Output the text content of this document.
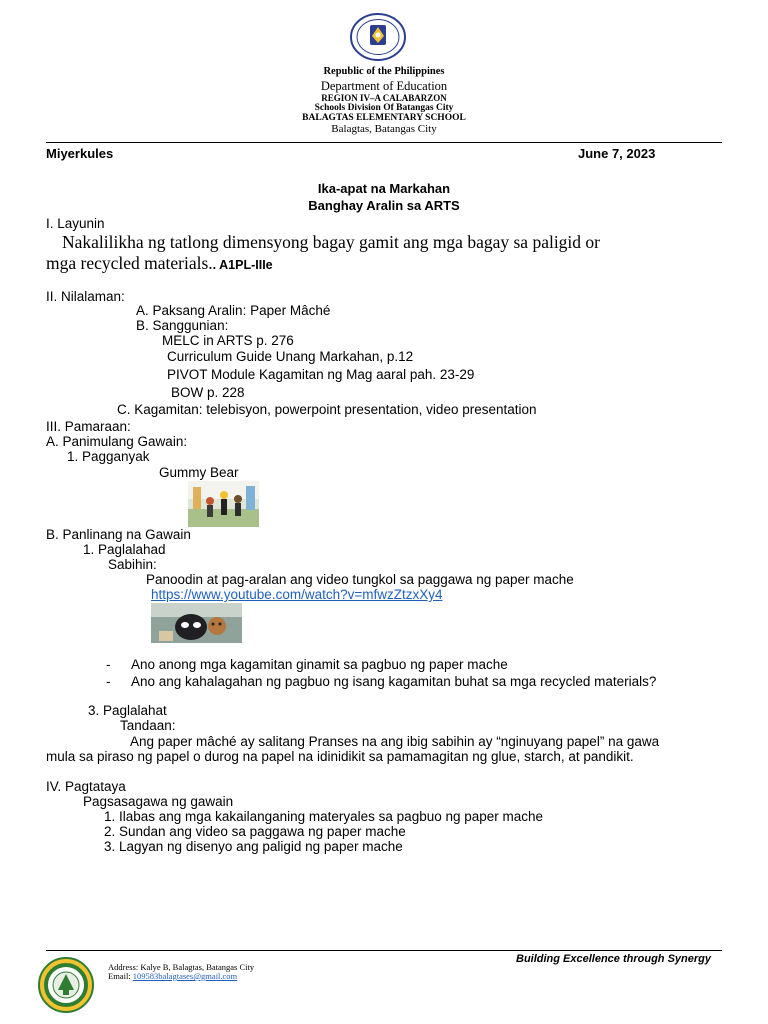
Republic of the Philippines
Department of Education
REGION IV–A CALABARZON
Schools Division Of Batangas City
BALAGTAS ELEMENTARY SCHOOL
Balagtas, Batangas City
Miyerkules	June 7, 2023
Ika-apat na Markahan
Banghay Aralin sa ARTS
I. Layunin
Nakalilikha ng tatlong dimensyong bagay gamit ang mga bagay sa paligid or
mga recycled materials.. A1PL-IIIe
II. Nilalaman:
A. Paksang Aralin: Paper Mâché
B. Sanggunian:
MELC in ARTS p. 276
Curriculum Guide Unang Markahan, p.12
PIVOT Module Kagamitan ng Mag aaral pah. 23-29
BOW p. 228
C. Kagamitan: telebisyon, powerpoint presentation, video presentation
III. Pamaraan:
A. Panimulang Gawain:
1. Pagganyak
Gummy Bear
B. Panlinang na Gawain
1. Paglalahad
Sabihin:
Panoodin at pag-aralan ang video tungkol sa paggawa ng paper mache
https://www.youtube.com/watch?v=mfwzZtzxXy4
- Ano anong mga kagamitan ginamit sa pagbuo ng paper mache
- Ano ang kahalagahan ng pagbuo ng isang kagamitan buhat sa mga recycled materials?
3. Paglalahat
Tandaan:
Ang paper mâché ay salitang Pranses na ang ibig sabihin ay “nginuyang papel” na gawa
mula sa piraso ng papel o durog na papel na idinidikit sa pamamagitan ng glue, starch, at pandikit.
IV. Pagtataya
Pagsasagawa ng gawain
1. Ilabas ang mga kakailanganing materyales sa pagbuo ng paper mache
2. Sundan ang video sa paggawa ng paper mache
3. Lagyan ng disenyo ang paligid ng paper mache
Building Excellence through Synergy
Address: Kalye B, Balagtas, Batangas City
Email: 109583balagtases@gmail.com
